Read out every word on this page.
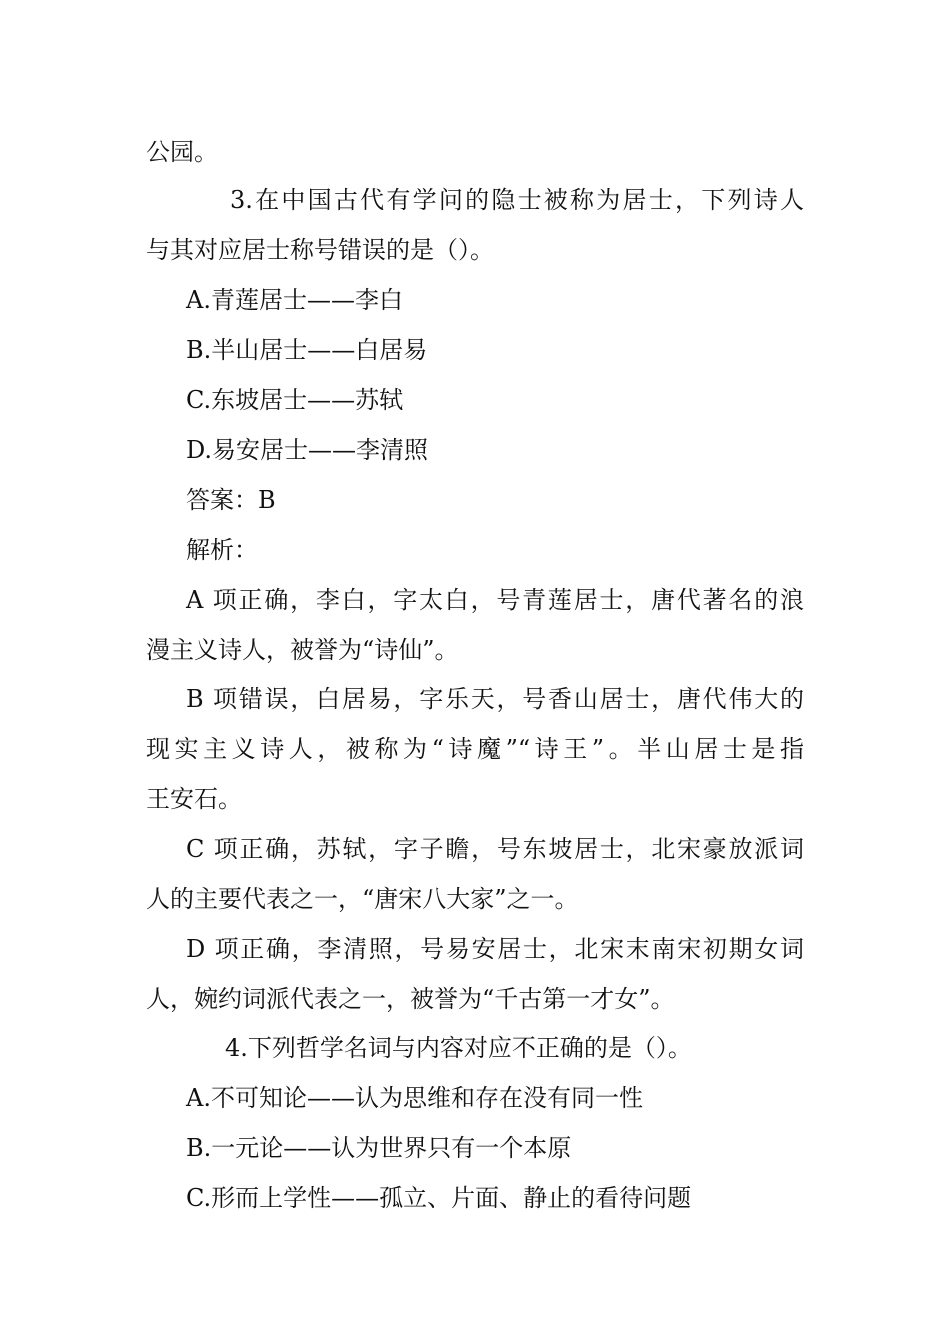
公园。
3.在中国古代有学问的隐士被称为居士，下列诗人
与其对应居士称号错误的是（）。
A.青莲居士——李白
B.半山居士——白居易
C.东坡居士——苏轼
D.易安居士——李清照
答案：B
解析：
A 项正确，李白，字太白，号青莲居士，唐代著名的浪
漫主义诗人，被誉为“诗仙”。
B 项错误，白居易，字乐天，号香山居士，唐代伟大的
现实主义诗人，被称为“诗魔”“诗王”。半山居士是指
王安石。
C 项正确，苏轼，字子瞻，号东坡居士，北宋豪放派词
人的主要代表之一，“唐宋八大家”之一。
D 项正确，李清照，号易安居士，北宋末南宋初期女词
人，婉约词派代表之一，被誉为“千古第一才女”。
4.下列哲学名词与内容对应不正确的是（）。
A.不可知论——认为思维和存在没有同一性
B.一元论——认为世界只有一个本原
C.形而上学性——孤立、片面、静止的看待问题
